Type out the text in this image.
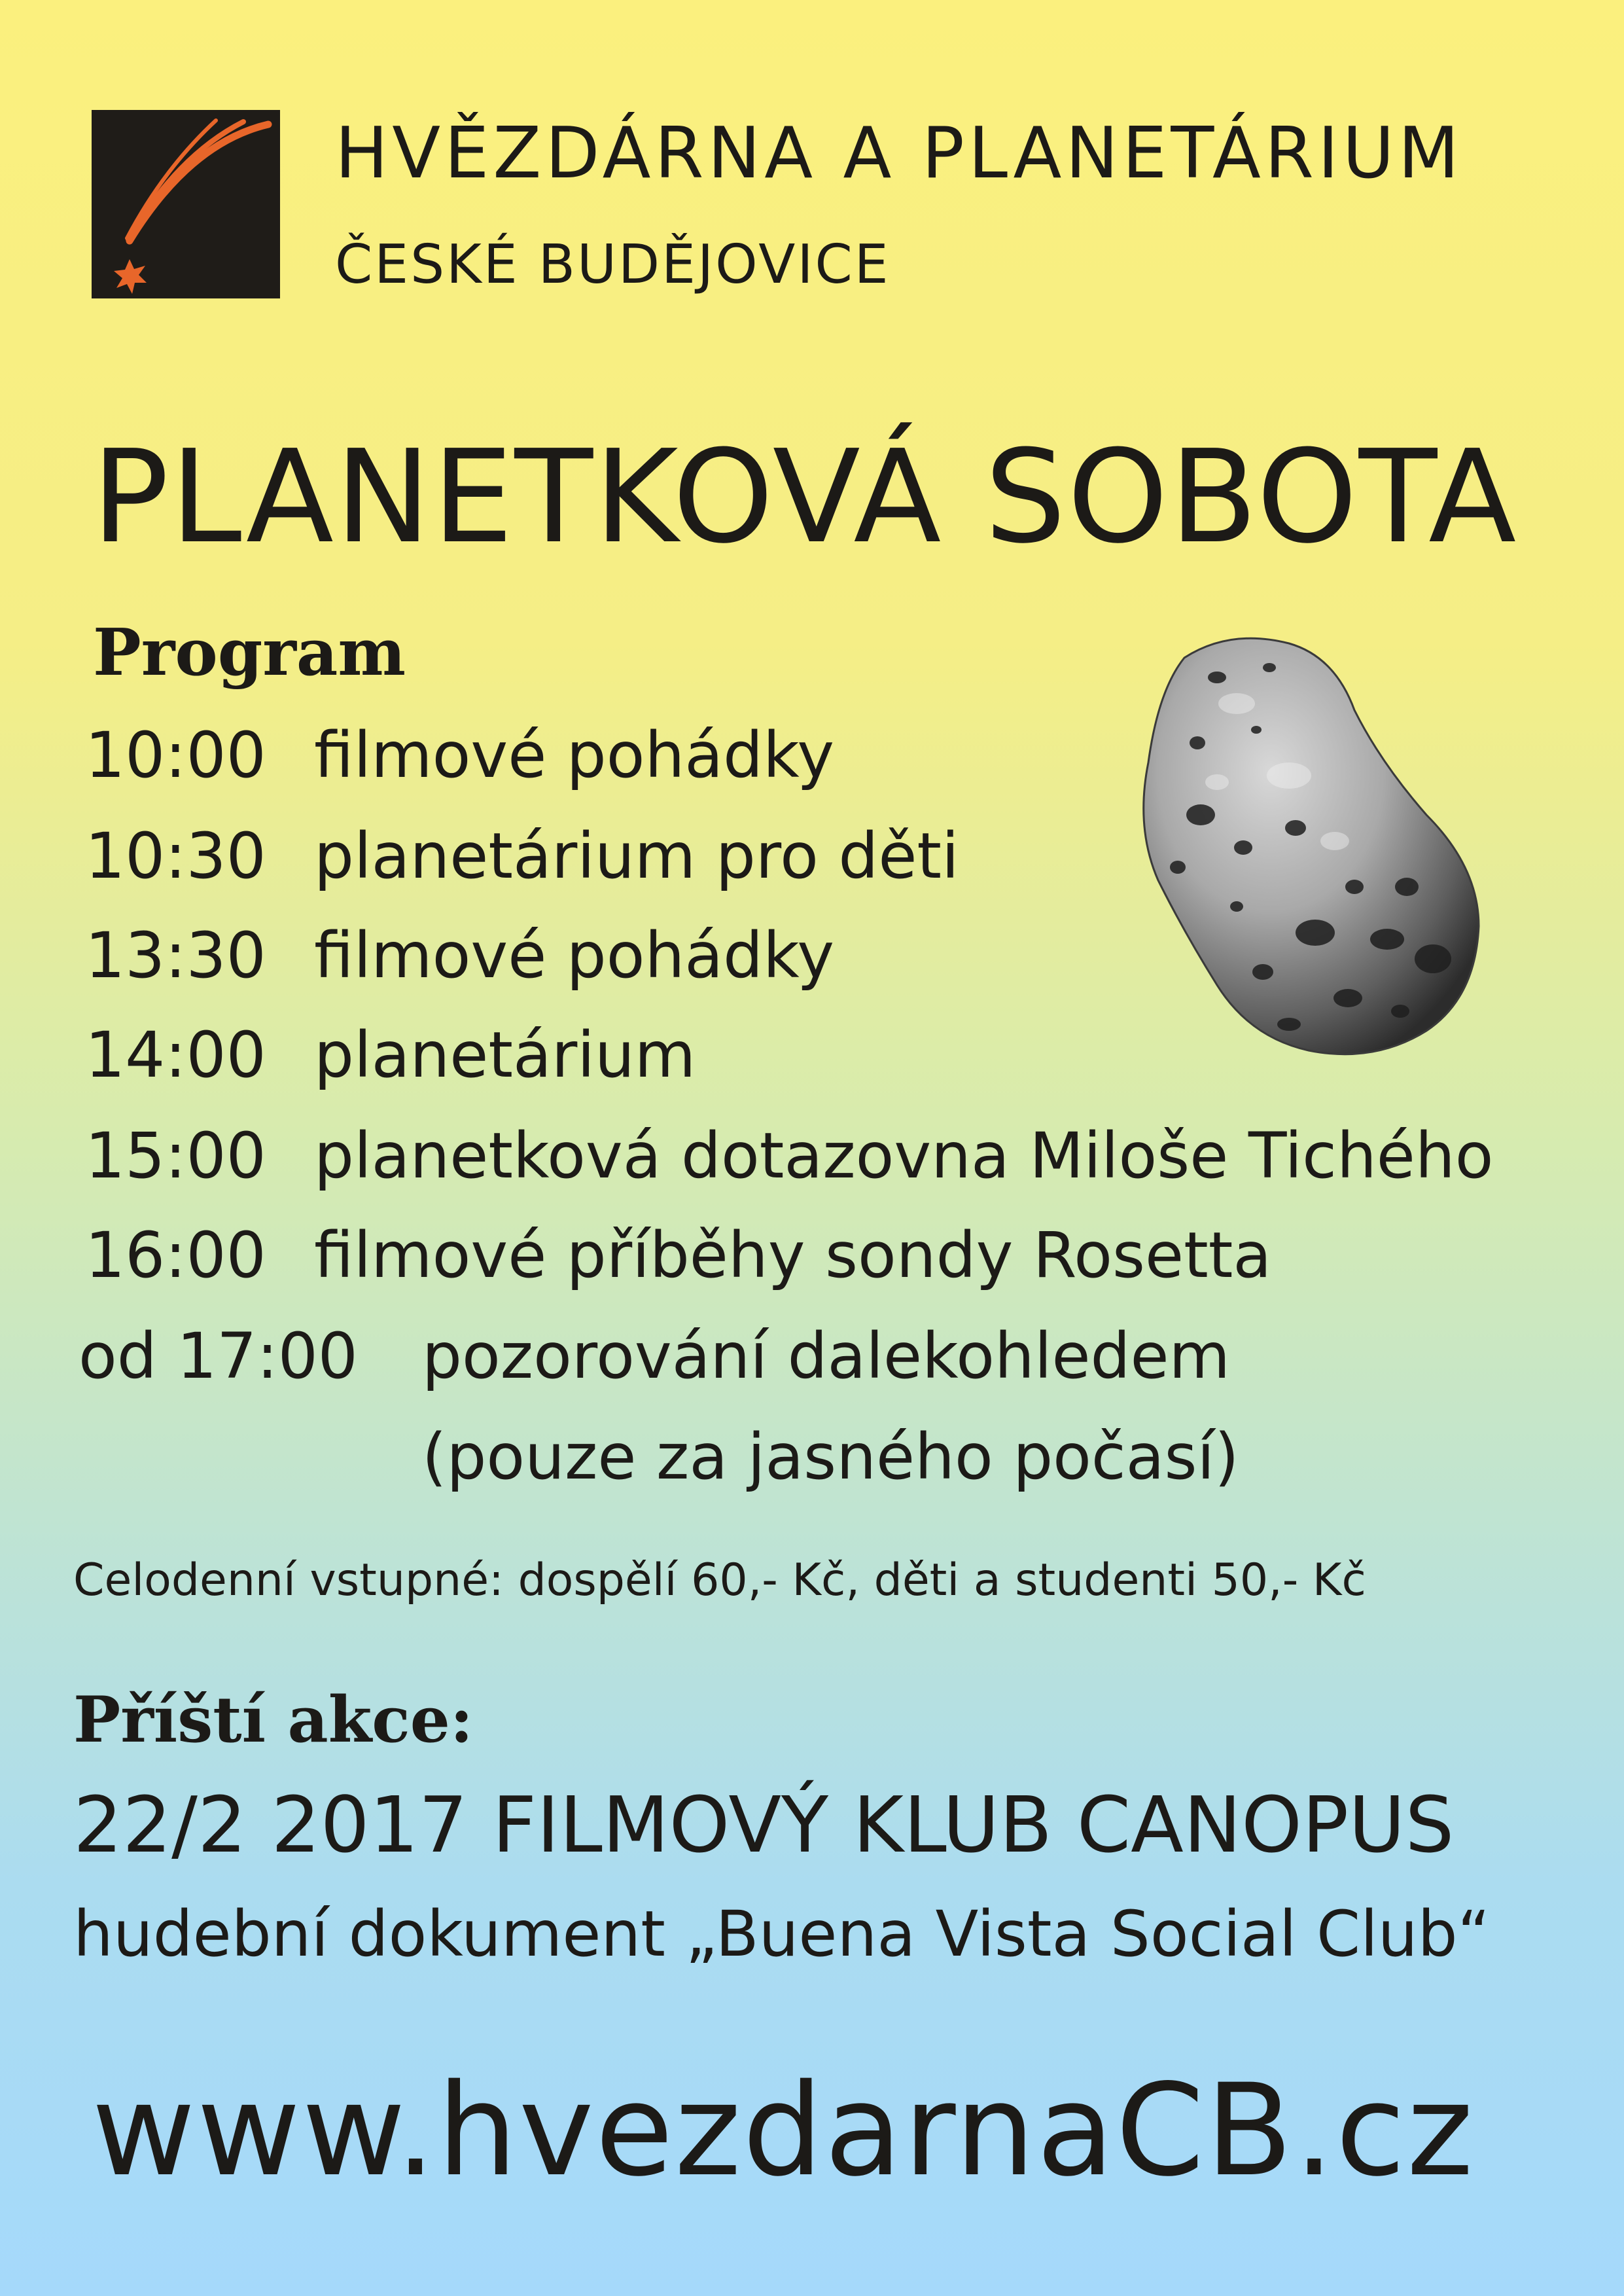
HVĚZDÁRNA A PLANETÁRIUM
ČESKÉ BUDĚJOVICE
PLANETKOVÁ SOBOTA
Program
10:00 filmové pohádky
10:30 planetárium pro děti
13:30 filmové pohádky
14:00 planetárium
15:00 planetková dotazovna Miloše Tichého
16:00 filmové příběhy sondy Rosetta
od 17:00 pozorování dalekohledem
(pouze za jasného počasí)
Celodenní vstupné: dospělí 60,- Kč, děti a studenti 50,- Kč
Příští akce:
22/2 2017 FILMOVÝ KLUB CANOPUS
hudební dokument „Buena Vista Social Club“
www.hvezdarnaCB.cz
